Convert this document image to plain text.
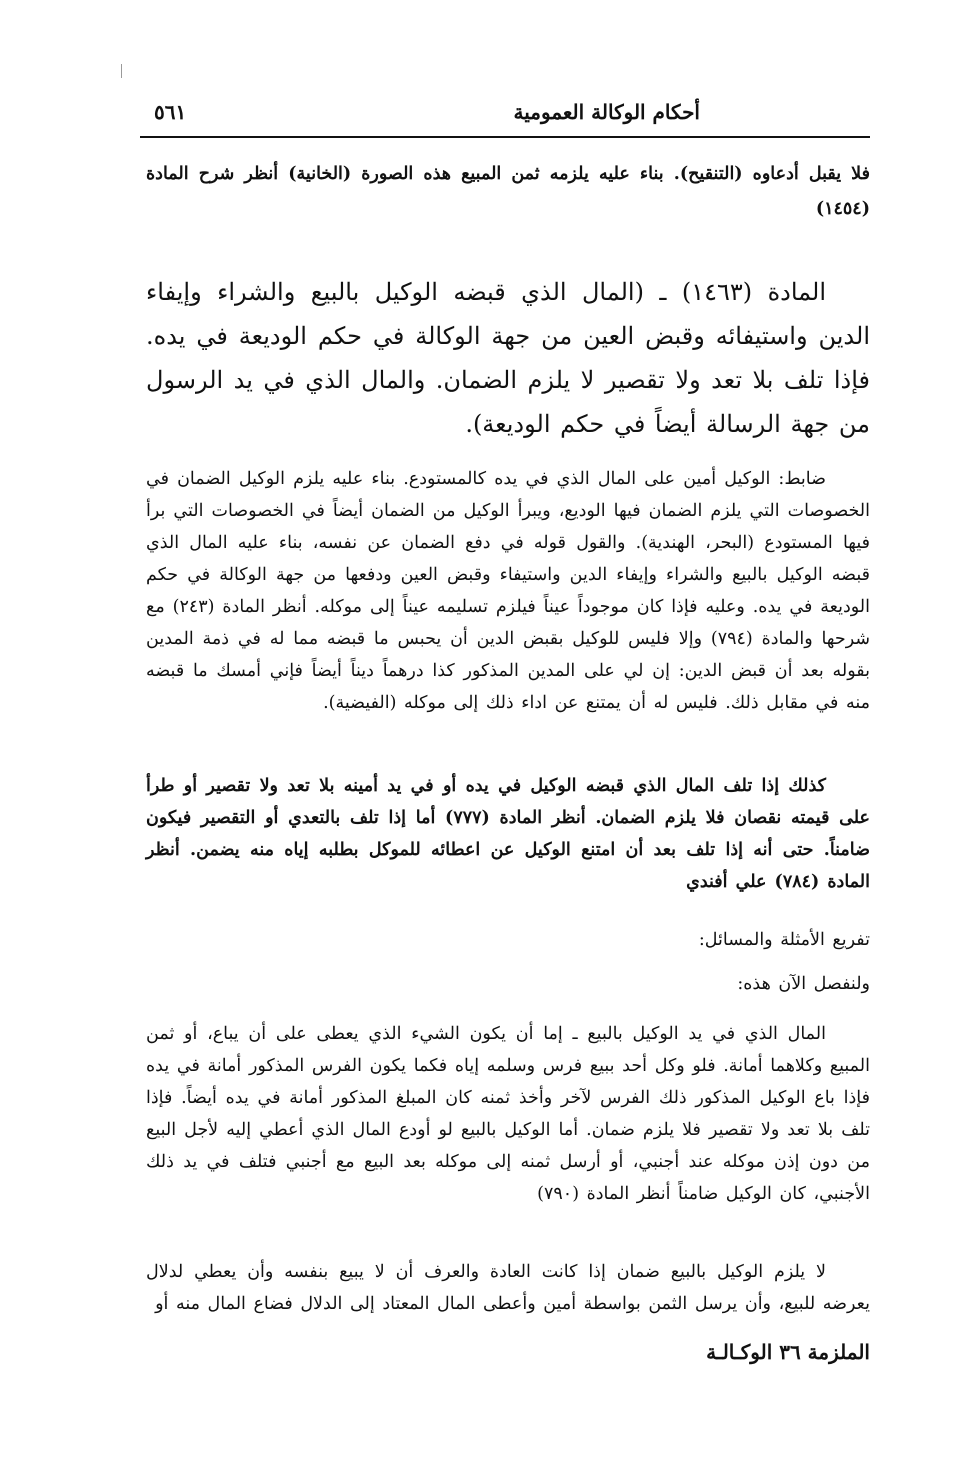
أحكام الوكالة العمومية
٥٦١

فلا يقبل أدعاوه (التنقيح). بناء عليه يلزمه ثمن المبيع هذه الصورة (الخانية) أنظر شرح المادة (١٤٥٤)

المادة (١٤٦٣) ـ (المال الذي قبضه الوكيل بالبيع والشراء وإيفاء الدين واستيفائه وقبض العين من جهة الوكالة في حكم الوديعة في يده. فإذا تلف بلا تعد ولا تقصير لا يلزم الضمان. والمال الذي في يد الرسول من جهة الرسالة أيضاً في حكم الوديعة).

ضابط: الوكيل أمين على المال الذي في يده كالمستودع. بناء عليه يلزم الوكيل الضمان في الخصوصات التي يلزم الضمان فيها الوديع، ويبرأ الوكيل من الضمان أيضاً في الخصوصات التي برأ فيها المستودع (البحر، الهندية). والقول قوله في دفع الضمان عن نفسه، بناء عليه المال الذي قبضه الوكيل بالبيع والشراء وإيفاء الدين واستيفاء وقبض العين ودفعها من جهة الوكالة في حكم الوديعة في يده. وعليه فإذا كان موجوداً عيناً فيلزم تسليمه عيناً إلى موكله. أنظر المادة (٢٤٣) مع شرحها والمادة (٧٩٤) وإلا فليس للوكيل بقبض الدين أن يحبس ما قبضه مما له في ذمة المدين بقوله بعد أن قبض الدين: إن لي على المدين المذكور كذا درهماً ديناً أيضاً فإني أمسك ما قبضه منه في مقابل ذلك. فليس له أن يمتنع عن اداء ذلك إلى موكله (الفيضية).

كذلك إذا تلف المال الذي قبضه الوكيل في يده أو في يد أمينه بلا تعد ولا تقصير أو طرأ على قيمته نقصان فلا يلزم الضمان. أنظر المادة (٧٧٧) أما إذا تلف بالتعدي أو التقصير فيكون ضامناً. حتى أنه إذا تلف بعد أن امتنع الوكيل عن اعطائه للموكل بطلبه إياه منه يضمن. أنظر المادة (٧٨٤) علي أفندي

تفريع الأمثلة والمسائل:

ولنفصل الآن هذه:

المال الذي في يد الوكيل بالبيع ـ إما أن يكون الشيء الذي يعطى على أن يباع، أو ثمن المبيع وكلاهما أمانة. فلو وكل أحد ببيع فرس وسلمه إياه فكما يكون الفرس المذكور أمانة في يده فإذا باع الوكيل المذكور ذلك الفرس لآخر وأخذ ثمنه كان المبلغ المذكور أمانة في يده أيضاً. فإذا تلف بلا تعد ولا تقصير فلا يلزم ضمان. أما الوكيل بالبيع لو أودع المال الذي أعطي إليه لأجل البيع من دون إذن موكله عند أجنبي، أو أرسل ثمنه إلى موكله بعد البيع مع أجنبي فتلف في يد ذلك الأجنبي، كان الوكيل ضامناً أنظر المادة (٧٩٠)

لا يلزم الوكيل بالبيع ضمان إذا كانت العادة والعرف أن لا يبيع بنفسه وأن يعطي لدلال يعرضه للبيع، وأن يرسل الثمن بواسطة أمين وأعطى المال المعتاد إلى الدلال فضاع المال منه أو

الملزمة ٣٦ الوكـالـة
